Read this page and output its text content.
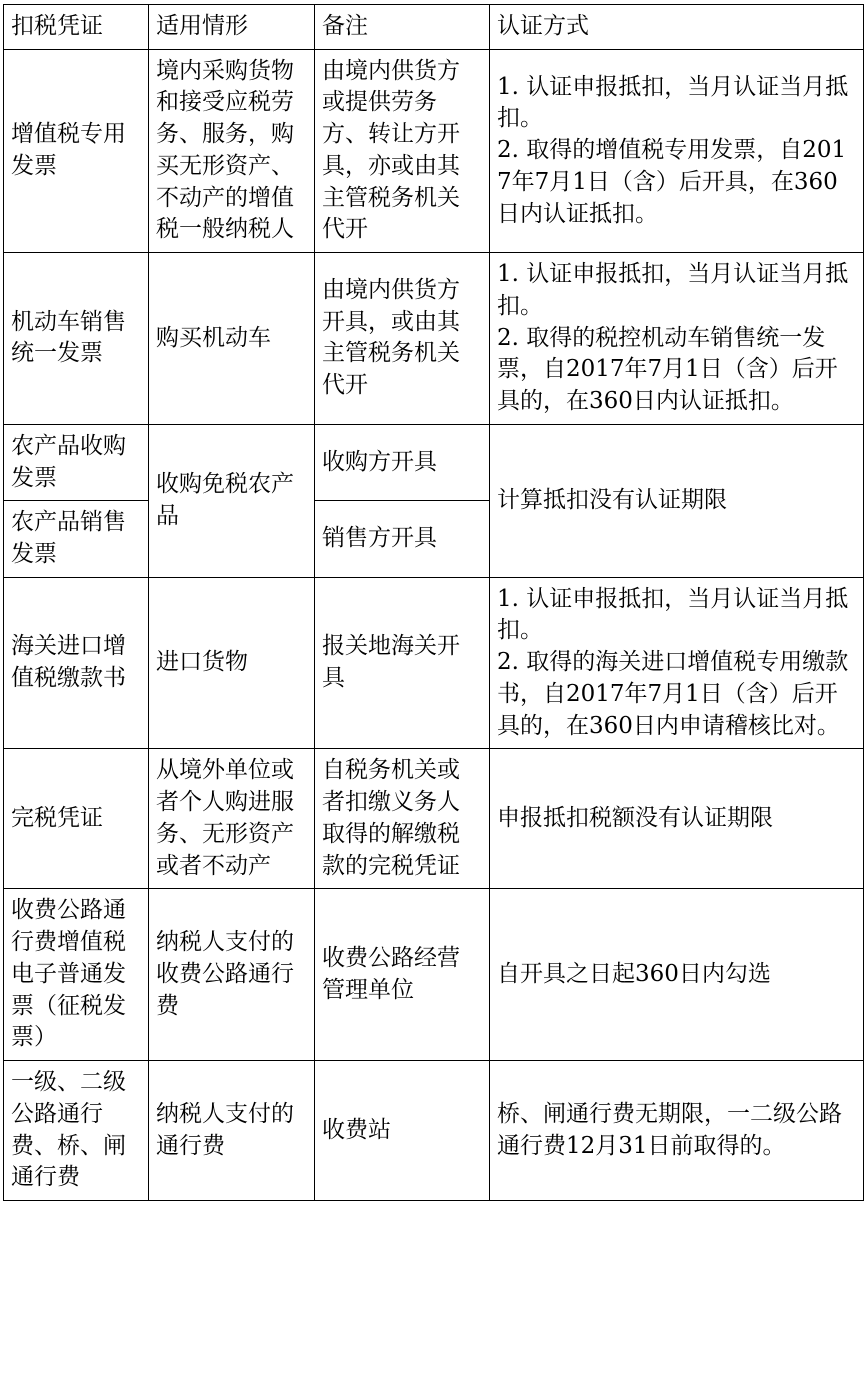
扣税凭证	适用情形	备注	认证方式
增值税专用发票	境内采购货物和接受应税劳务、服务，购买无形资产、不动产的增值税一般纳税人	由境内供货方或提供劳务方、转让方开具，亦或由其主管税务机关代开	1. 认证申报抵扣，当月认证当月抵扣。
2. 取得的增值税专用发票，自2017年7月1日（含）后开具，在360日内认证抵扣。

机动车销售统一发票	购买机动车	由境内供货方开具，或由其主管税务机关代开	1. 认证申报抵扣，当月认证当月抵扣。
2. 取得的税控机动车销售统一发票，自2017年7月1日（含）后开具的，在360日内认证抵扣。

农产品收购发票	收购免税农产品	收购方开具	计算抵扣没有认证期限
农产品销售发票		销售方开具	
海关进口增值税缴款书	进口货物	报关地海关开具	1. 认证申报抵扣，当月认证当月抵扣。
2. 取得的海关进口增值税专用缴款书，自2017年7月1日（含）后开具的，在360日内申请稽核比对。

完税凭证	从境外单位或者个人购进服务、无形资产或者不动产	自税务机关或者扣缴义务人取得的解缴税款的完税凭证	申报抵扣税额没有认证期限
收费公路通行费增值税电子普通发票（征税发票）	纳税人支付的收费公路通行费	收费公路经营管理单位	自开具之日起360日内勾选
一级、二级公路通行费、桥、闸通行费	纳税人支付的通行费	收费站	桥、闸通行费无期限，一二级公路通行费12月31日前取得的。
